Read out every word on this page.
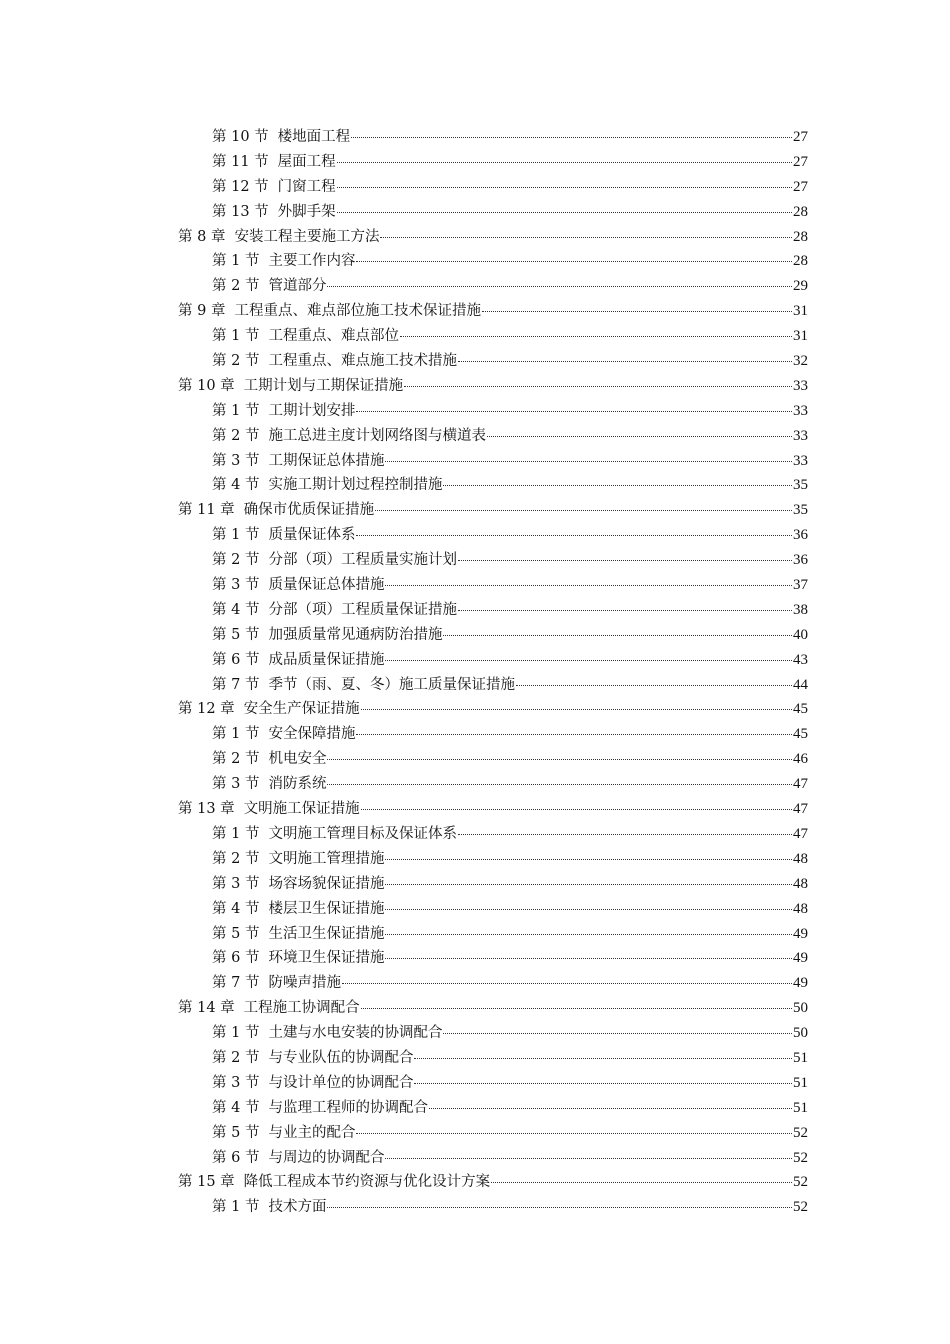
第 10 节 楼地面工程	27
第 11 节 屋面工程	27
第 12 节 门窗工程	27
第 13 节 外脚手架	28
第 8 章 安装工程主要施工方法	28
第 1 节 主要工作内容	28
第 2 节 管道部分	29
第 9 章 工程重点、难点部位施工技术保证措施	31
第 1 节 工程重点、难点部位	31
第 2 节 工程重点、难点施工技术措施	32
第 10 章 工期计划与工期保证措施	33
第 1 节 工期计划安排	33
第 2 节 施工总进主度计划网络图与横道表	33
第 3 节 工期保证总体措施	33
第 4 节 实施工期计划过程控制措施	35
第 11 章 确保市优质保证措施	35
第 1 节 质量保证体系	36
第 2 节 分部（项）工程质量实施计划	36
第 3 节 质量保证总体措施	37
第 4 节 分部（项）工程质量保证措施	38
第 5 节 加强质量常见通病防治措施	40
第 6 节 成品质量保证措施	43
第 7 节 季节（雨、夏、冬）施工质量保证措施	44
第 12 章 安全生产保证措施	45
第 1 节 安全保障措施	45
第 2 节 机电安全	46
第 3 节 消防系统	47
第 13 章 文明施工保证措施	47
第 1 节 文明施工管理目标及保证体系	47
第 2 节 文明施工管理措施	48
第 3 节 场容场貌保证措施	48
第 4 节 楼层卫生保证措施	48
第 5 节 生活卫生保证措施	49
第 6 节 环境卫生保证措施	49
第 7 节 防噪声措施	49
第 14 章 工程施工协调配合	50
第 1 节 土建与水电安装的协调配合	50
第 2 节 与专业队伍的协调配合	51
第 3 节 与设计单位的协调配合	51
第 4 节 与监理工程师的协调配合	51
第 5 节 与业主的配合	52
第 6 节 与周边的协调配合	52
第 15 章 降低工程成本节约资源与优化设计方案	52
第 1 节 技术方面	52
